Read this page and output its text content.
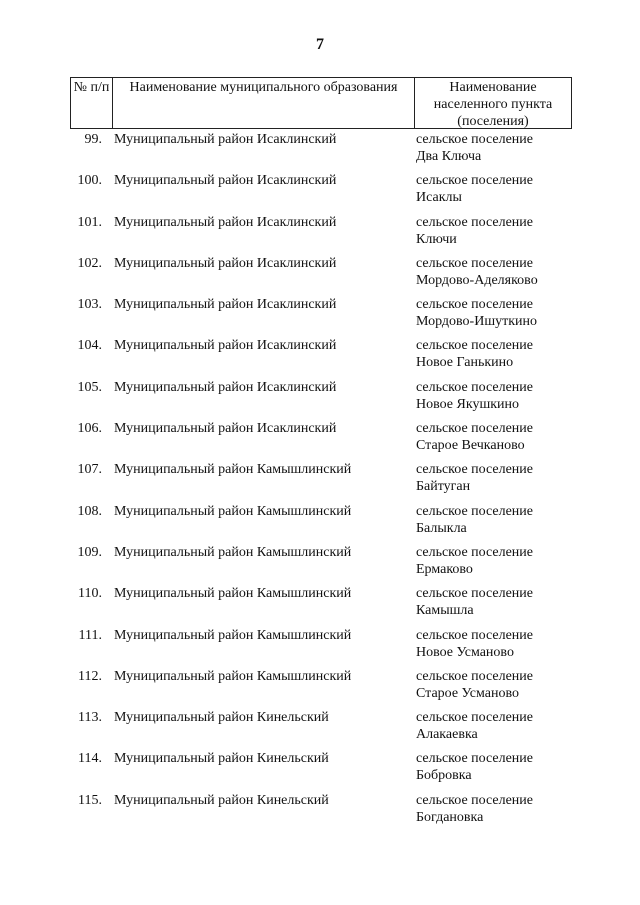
7
№ п/п	Наименование муниципального образования	Наименование населенного пункта (поселения)
99. Муниципальный район Исаклинский	сельское поселение
Два Ключа
100. Муниципальный район Исаклинский	сельское поселение
Исаклы
101. Муниципальный район Исаклинский	сельское поселение
Ключи
102. Муниципальный район Исаклинский	сельское поселение
Мордово-Аделяково
103. Муниципальный район Исаклинский	сельское поселение
Мордово-Ишуткино
104. Муниципальный район Исаклинский	сельское поселение
Новое Ганькино
105. Муниципальный район Исаклинский	сельское поселение
Новое Якушкино
106. Муниципальный район Исаклинский	сельское поселение
Старое Вечканово
107. Муниципальный район Камышлинский	сельское поселение
Байтуган
108. Муниципальный район Камышлинский	сельское поселение
Балыкла
109. Муниципальный район Камышлинский	сельское поселение
Ермаково
110. Муниципальный район Камышлинский	сельское поселение
Камышла
111. Муниципальный район Камышлинский	сельское поселение
Новое Усманово
112. Муниципальный район Камышлинский	сельское поселение
Старое Усманово
113. Муниципальный район Кинельский	сельское поселение
Алакаевка
114. Муниципальный район Кинельский	сельское поселение
Бобровка
115. Муниципальный район Кинельский	сельское поселение
Богдановка
